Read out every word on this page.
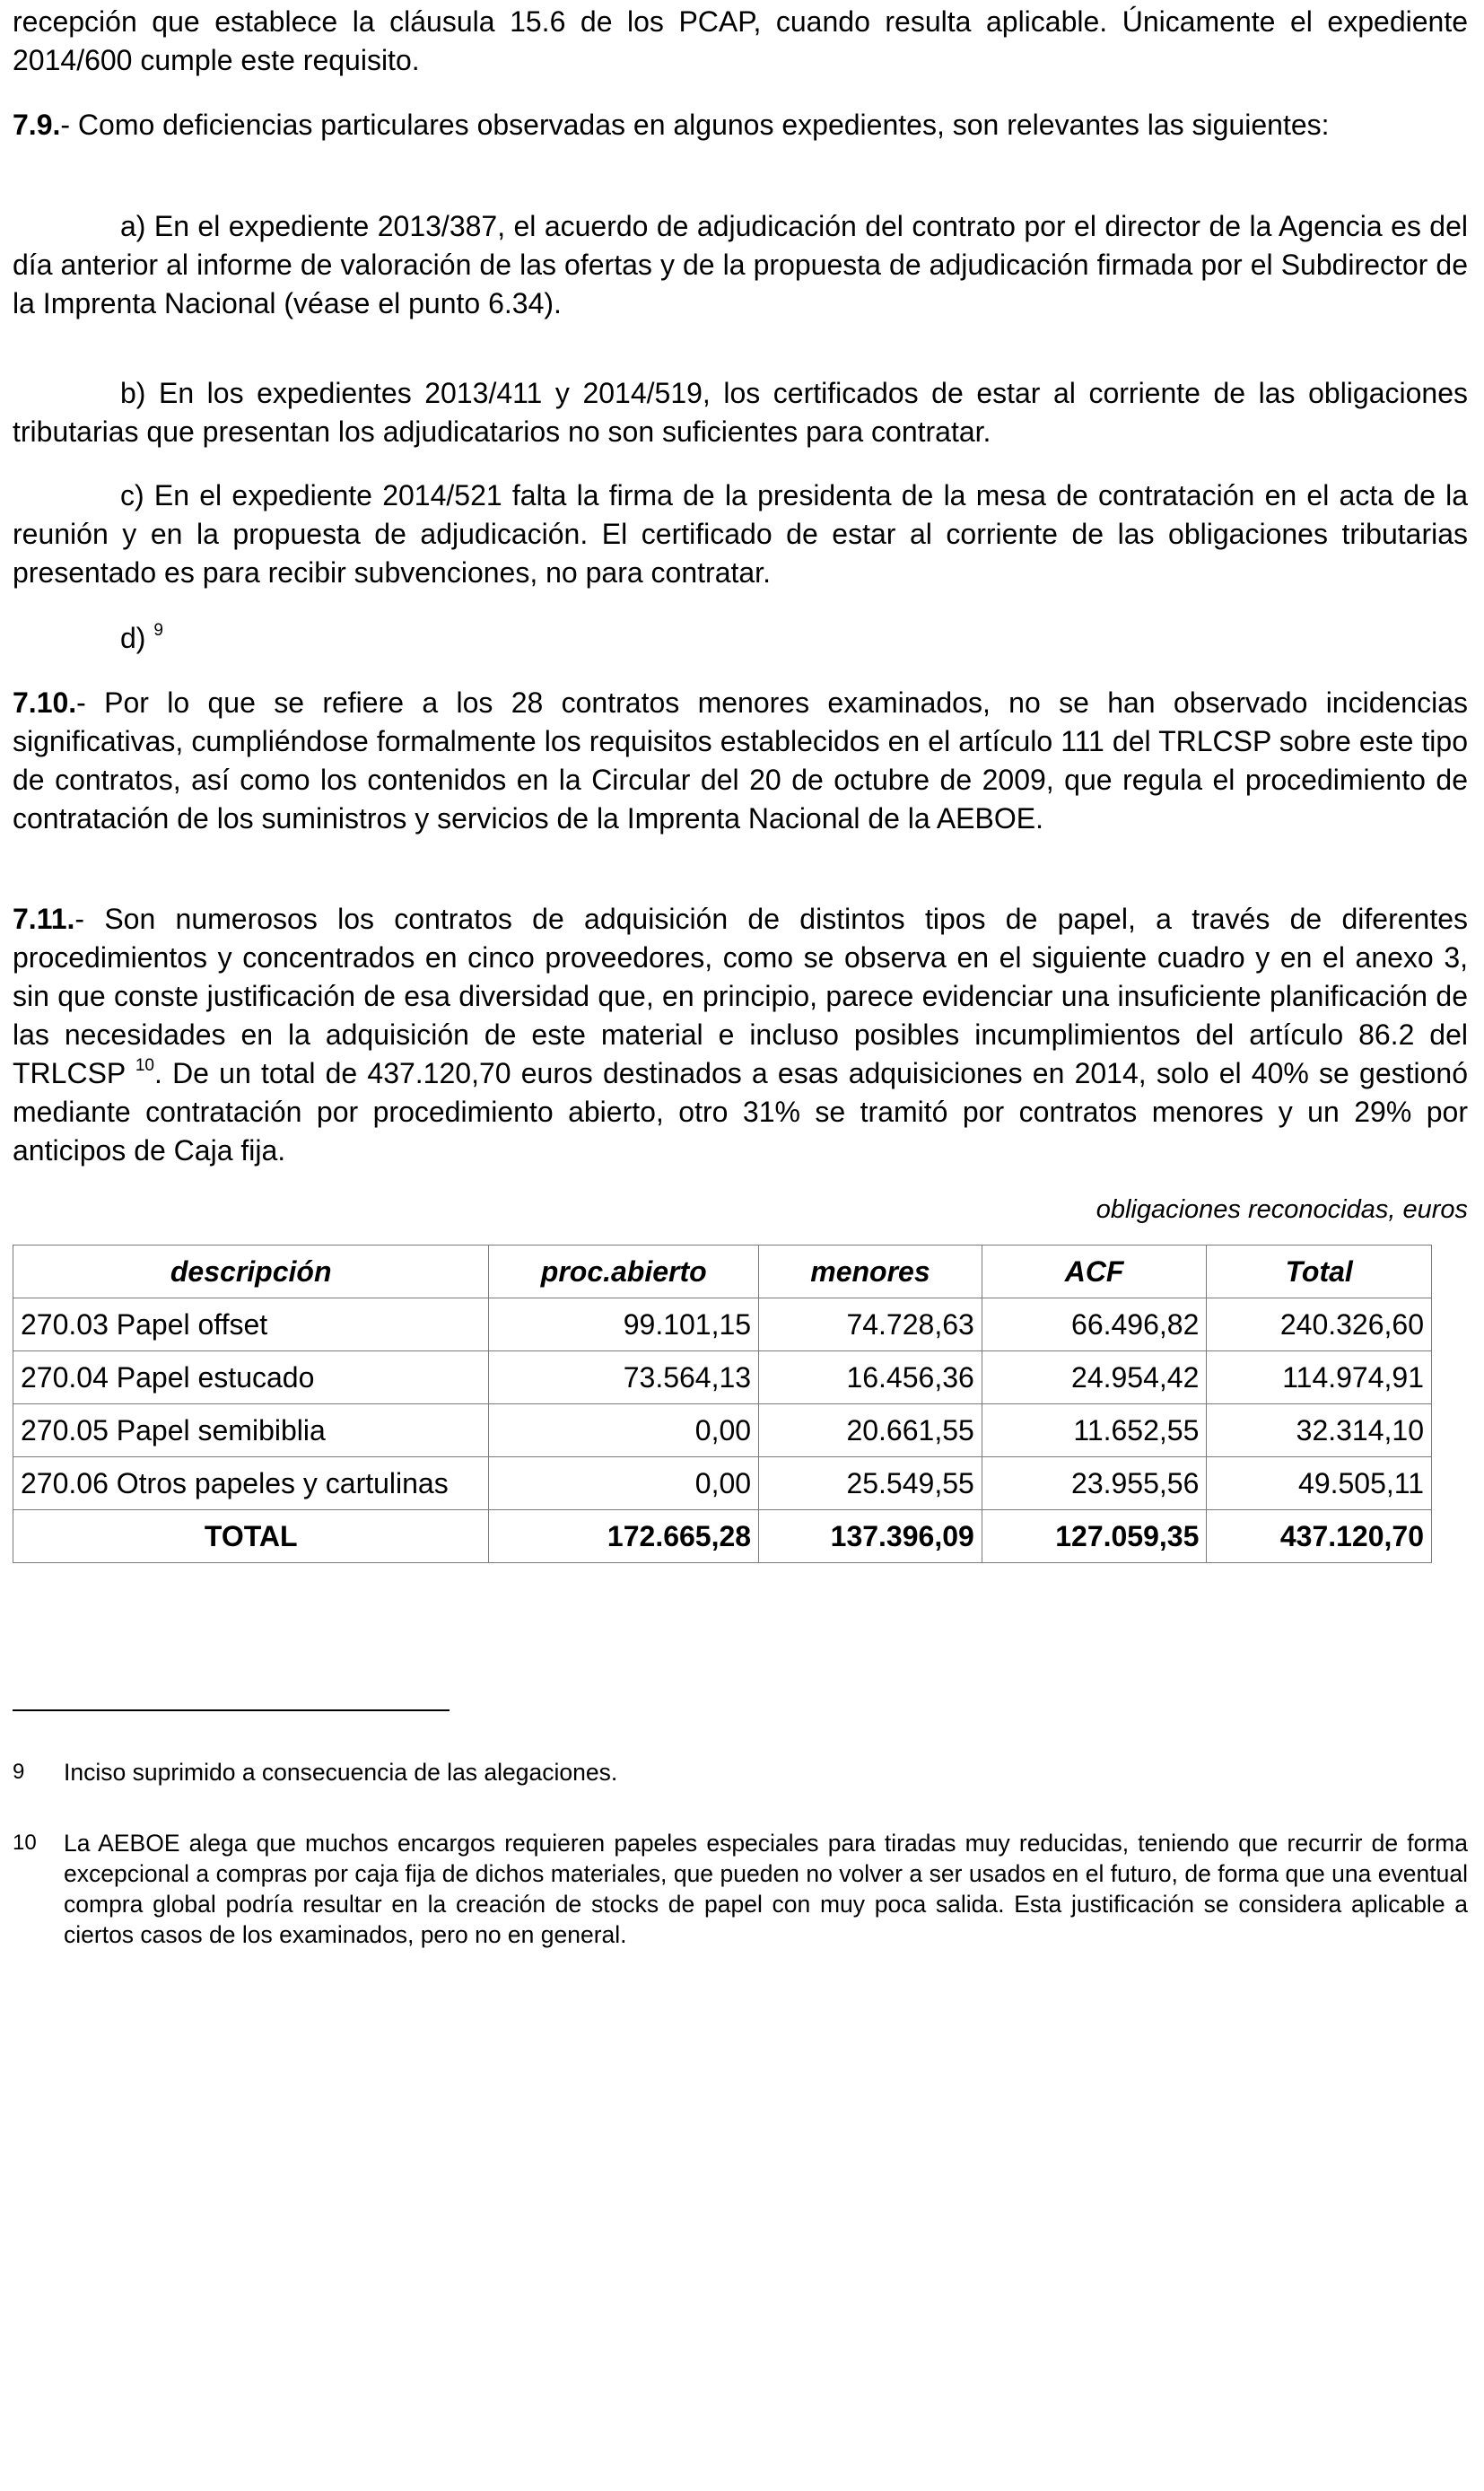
recepción que establece la cláusula 15.6 de los PCAP, cuando resulta aplicable. Únicamente el expediente 2014/600 cumple este requisito.

7.9.- Como deficiencias particulares observadas en algunos expedientes, son relevantes las siguientes:

a) En el expediente 2013/387, el acuerdo de adjudicación del contrato por el director de la Agencia es del día anterior al informe de valoración de las ofertas y de la propuesta de adjudicación firmada por el Subdirector de la Imprenta Nacional (véase el punto 6.34).

b) En los expedientes 2013/411 y 2014/519, los certificados de estar al corriente de las obligaciones tributarias que presentan los adjudicatarios no son suficientes para contratar.

c) En el expediente 2014/521 falta la firma de la presidenta de la mesa de contratación en el acta de la reunión y en la propuesta de adjudicación. El certificado de estar al corriente de las obligaciones tributarias presentado es para recibir subvenciones, no para contratar.

d) $^9$

7.10.- Por lo que se refiere a los 28 contratos menores examinados, no se han observado incidencias significativas, cumpliéndose formalmente los requisitos establecidos en el artículo 111 del TRLCSP sobre este tipo de contratos, así como los contenidos en la Circular del 20 de octubre de 2009, que regula el procedimiento de contratación de los suministros y servicios de la Imprenta Nacional de la AEBOE.

7.11.- Son numerosos los contratos de adquisición de distintos tipos de papel, a través de diferentes procedimientos y concentrados en cinco proveedores, como se observa en el siguiente cuadro y en el anexo 3, sin que conste justificación de esa diversidad que, en principio, parece evidenciar una insuficiente planificación de las necesidades en la adquisición de este material e incluso posibles incumplimientos del artículo 86.2 del TRLCSP $^{10}$. De un total de 437.120,70 euros destinados a esas adquisiciones en 2014, solo el 40% se gestionó mediante contratación por procedimiento abierto, otro 31% se tramitó por contratos menores y un 29% por anticipos de Caja fija.

obligaciones reconocidas, euros
descripción	proc.abierto	menores	ACF	Total
270.03 Papel offset	99.101,15	74.728,63	66.496,82	240.326,60
270.04 Papel estucado	73.564,13	16.456,36	24.954,42	114.974,91
270.05 Papel semibiblia	0,00	20.661,55	11.652,55	32.314,10
270.06 Otros papeles y cartulinas	0,00	25.549,55	23.955,56	49.505,11
TOTAL	172.665,28	137.396,09	127.059,35	437.120,70
9 Inciso suprimido a consecuencia de las alegaciones.
10 La AEBOE alega que muchos encargos requieren papeles especiales para tiradas muy reducidas, teniendo que recurrir de forma excepcional a compras por caja fija de dichos materiales, que pueden no volver a ser usados en el futuro, de forma que una eventual compra global podría resultar en la creación de stocks de papel con muy poca salida. Esta justificación se considera aplicable a ciertos casos de los examinados, pero no en general.
